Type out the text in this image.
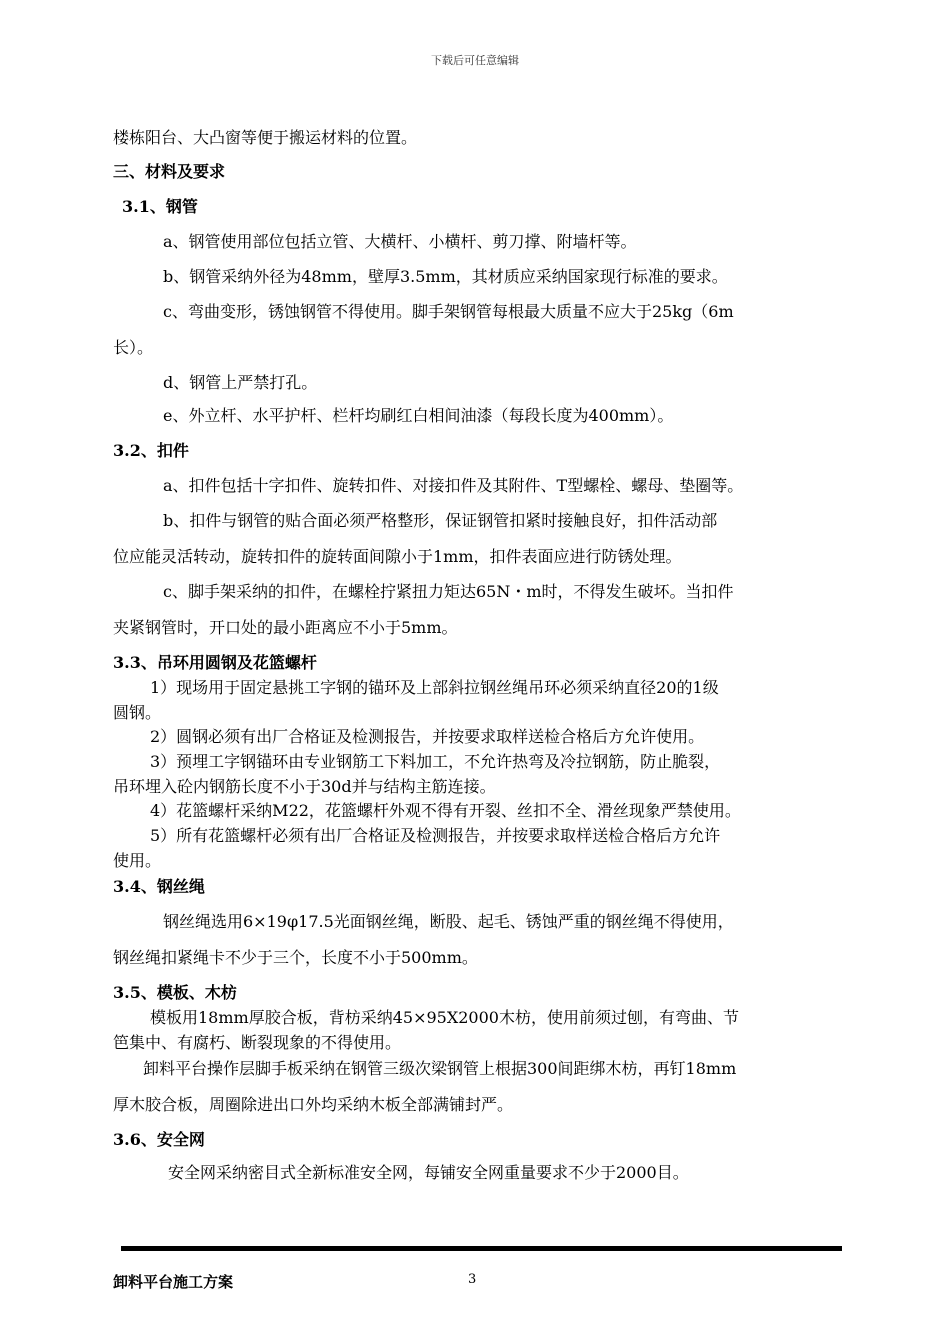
下载后可任意编辑
楼栋阳台、大凸窗等便于搬运材料的位置。
三、材料及要求
3.1、钢管
a、钢管使用部位包括立管、大横杆、小横杆、剪刀撑、附墙杆等。
b、钢管采纳外径为48mm，壁厚3.5mm，其材质应采纳国家现行标准的要求。
c、弯曲变形，锈蚀钢管不得使用。脚手架钢管每根最大质量不应大于25kg（6m
长）。
d、钢管上严禁打孔。
e、外立杆、水平护杆、栏杆均刷红白相间油漆（每段长度为400mm）。
3.2、扣件
a、扣件包括十字扣件、旋转扣件、对接扣件及其附件、T型螺栓、螺母、垫圈等。
b、扣件与钢管的贴合面必须严格整形，保证钢管扣紧时接触良好，扣件活动部
位应能灵活转动，旋转扣件的旋转面间隙小于1mm，扣件表面应进行防锈处理。
c、脚手架采纳的扣件，在螺栓拧紧扭力矩达65N・m时，不得发生破坏。当扣件
夹紧钢管时，开口处的最小距离应不小于5mm。
3.3、吊环用圆钢及花篮螺杆
1）现场用于固定悬挑工字钢的锚环及上部斜拉钢丝绳吊环必须采纳直径20的1级
圆钢。
2）圆钢必须有出厂合格证及检测报告，并按要求取样送检合格后方允许使用。
3）预埋工字钢锚环由专业钢筋工下料加工，不允许热弯及冷拉钢筋，防止脆裂，
吊环埋入砼内钢筋长度不小于30d并与结构主筋连接。
4）花篮螺杆采纳M22，花篮螺杆外观不得有开裂、丝扣不全、滑丝现象严禁使用。
5）所有花篮螺杆必须有出厂合格证及检测报告，并按要求取样送检合格后方允许
使用。
3.4、钢丝绳
钢丝绳选用6×19φ17.5光面钢丝绳，断股、起毛、锈蚀严重的钢丝绳不得使用，
钢丝绳扣紧绳卡不少于三个，长度不小于500mm。
3.5、模板、木枋
模板用18mm厚胶合板，背枋采纳45×95X2000木枋，使用前须过刨，有弯曲、节
笆集中、有腐朽、断裂现象的不得使用。
卸料平台操作层脚手板采纳在钢管三级次梁钢管上根据300间距绑木枋，再钉18mm
厚木胶合板，周圈除进出口外均采纳木板全部满铺封严。
3.6、安全网
安全网采纳密目式全新标准安全网，每铺安全网重量要求不少于2000目。
卸料平台施工方案	3
